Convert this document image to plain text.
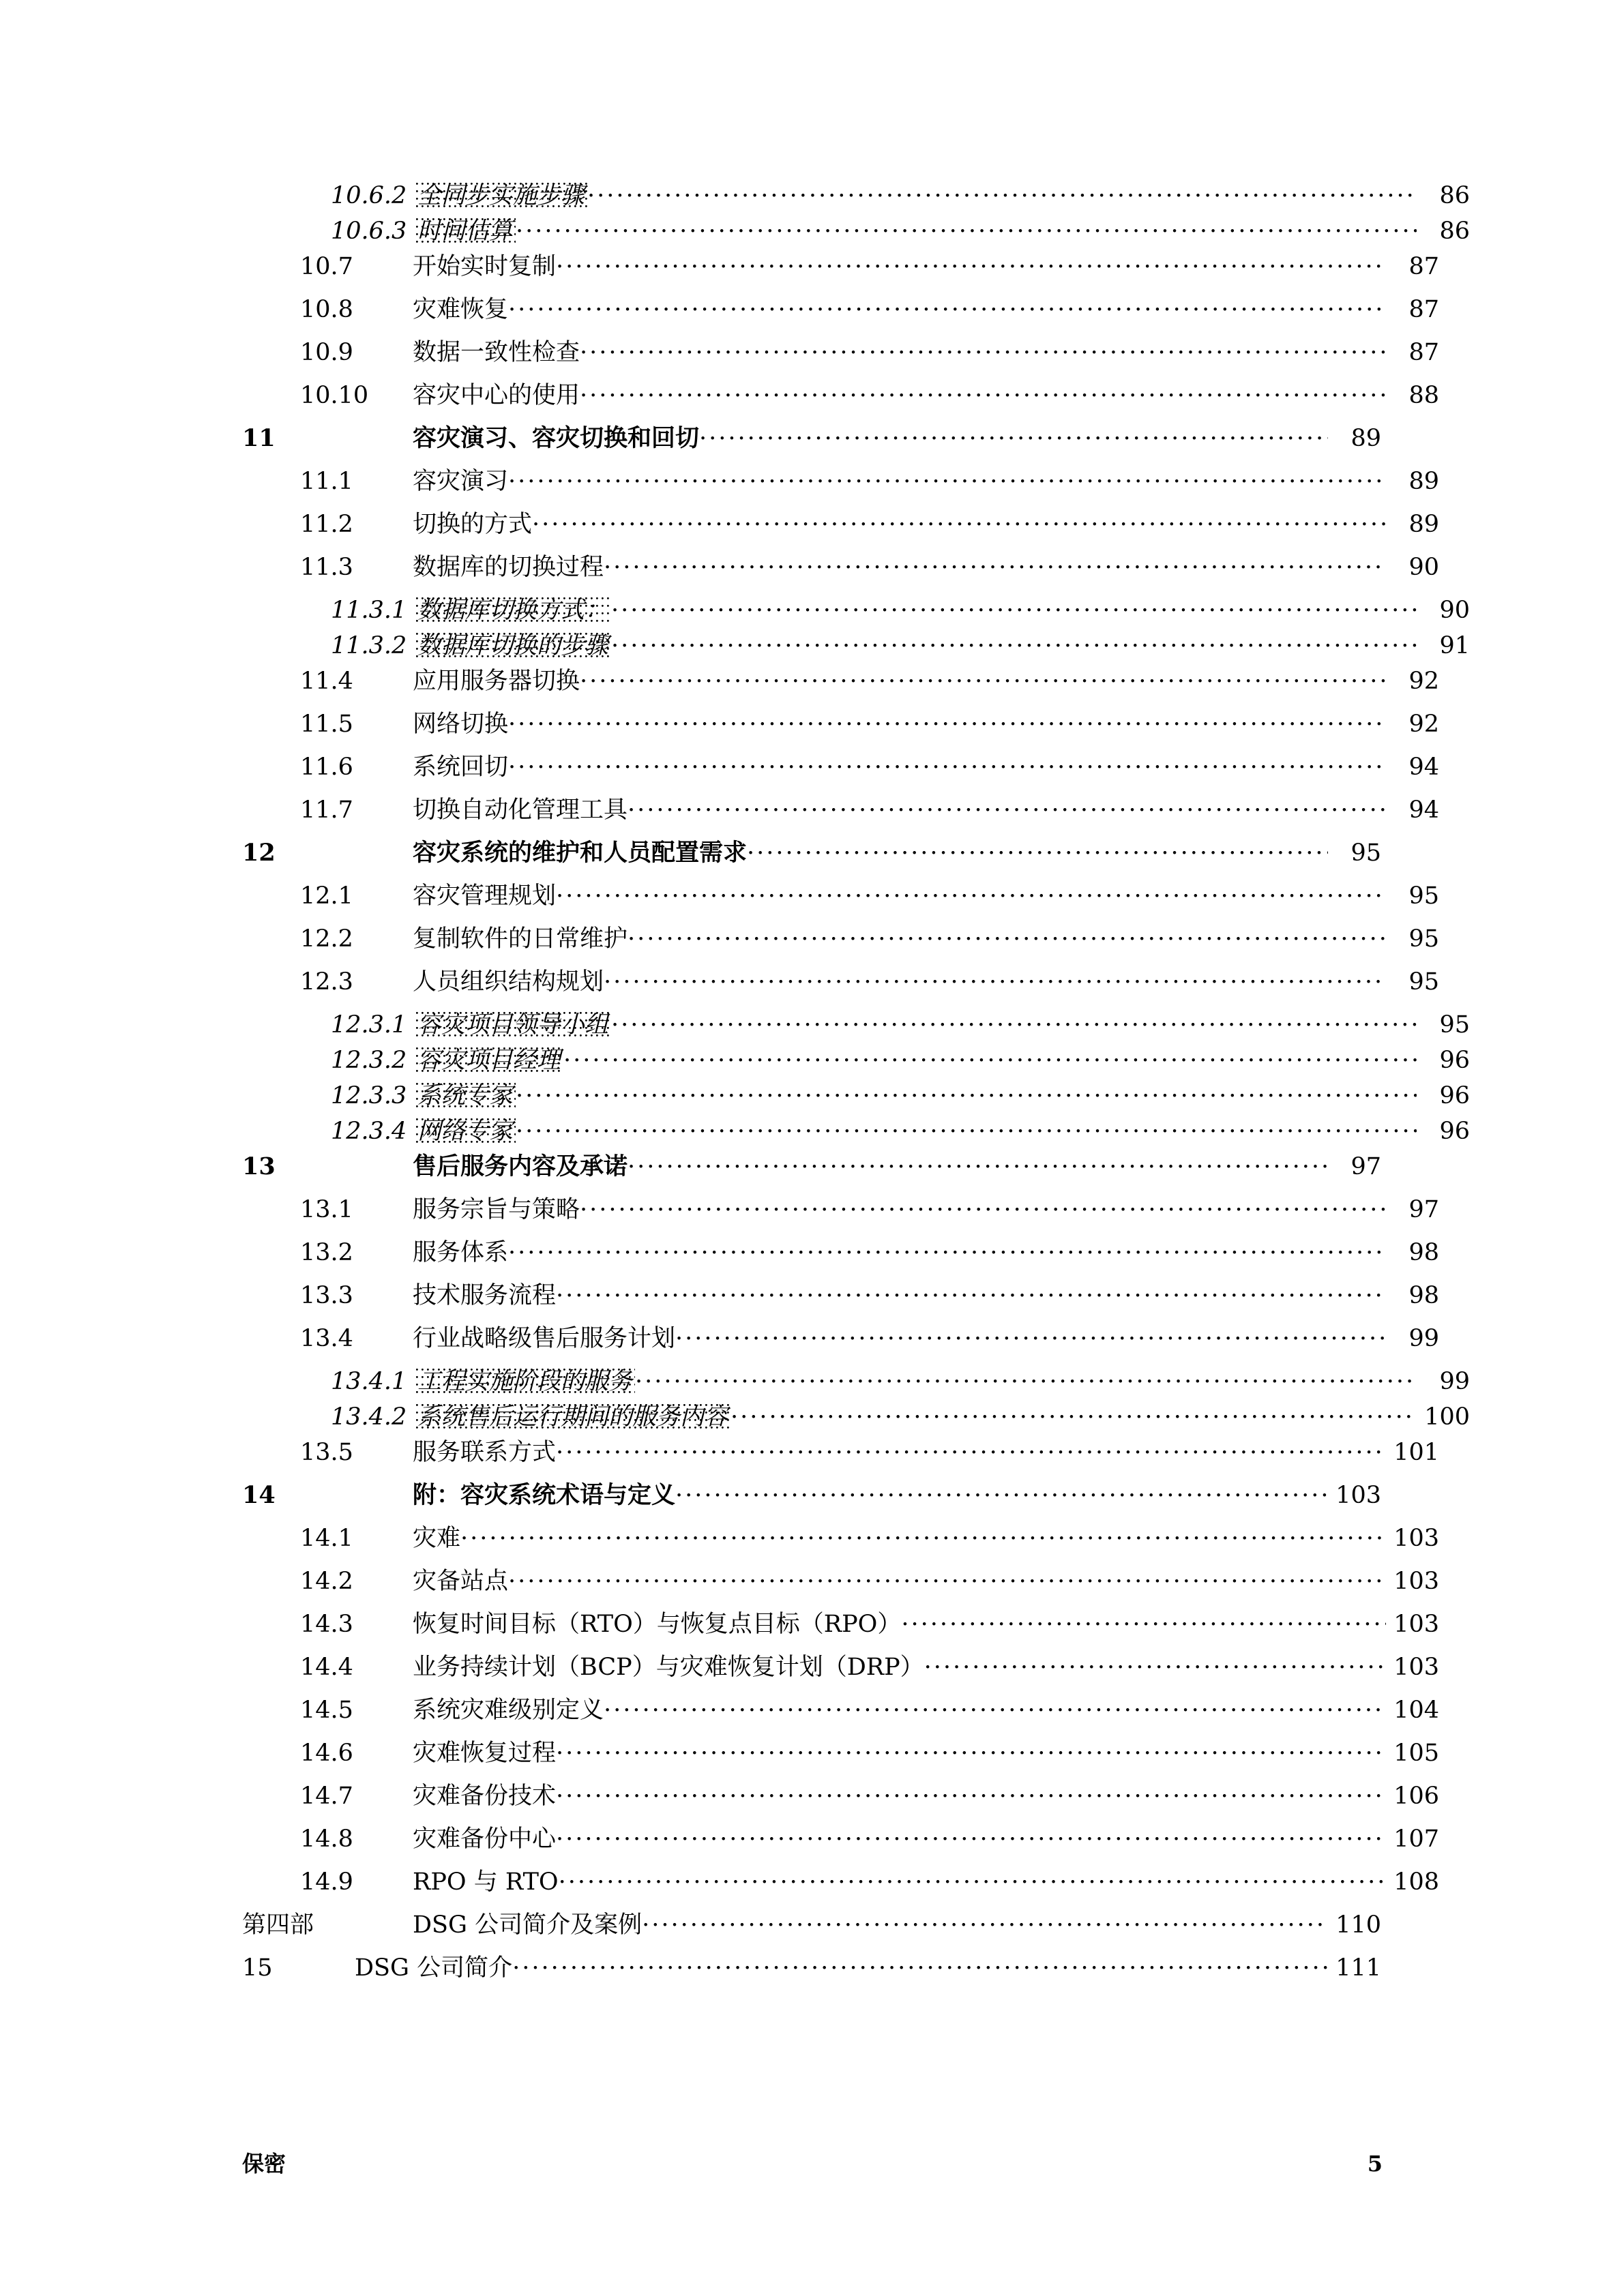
10.6.2 全同步实施步骤 .....	86
10.6.3 时间估算 .....	86
10.7	开始实时复制 .....	87
10.8	灾难恢复 .....	87
10.9	数据一致性检查 .....	87
10.10	容灾中心的使用 .....	88
11	容灾演习、容灾切换和回切 .....	89
11.1	容灾演习 .....	89
11.2	切换的方式 .....	89
11.3	数据库的切换过程 .....	90
11.3.1 数据库切换方式： .....	90
11.3.2 数据库切换的步骤 .....	91
11.4	应用服务器切换 .....	92
11.5	网络切换 .....	92
11.6	系统回切 .....	94
11.7	切换自动化管理工具 .....	94
12	容灾系统的维护和人员配置需求 .....	95
12.1	容灾管理规划 .....	95
12.2	复制软件的日常维护 .....	95
12.3	人员组织结构规划 .....	95
12.3.1 容灾项目领导小组 .....	95
12.3.2 容灾项目经理 .....	96
12.3.3 系统专家 .....	96
12.3.4 网络专家 .....	96
13	售后服务内容及承诺 .....	97
13.1	服务宗旨与策略 .....	97
13.2	服务体系 .....	98
13.3	技术服务流程 .....	98
13.4	行业战略级售后服务计划 .....	99
13.4.1 工程实施阶段的服务 .....	99
13.4.2 系统售后运行期间的服务内容 .....	100
13.5	服务联系方式 .....	101
14	附：容灾系统术语与定义 .....	103
14.1	灾难 .....	103
14.2	灾备站点 .....	103
14.3	恢复时间目标（RTO）与恢复点目标（RPO） .....	103
14.4	业务持续计划（BCP）与灾难恢复计划（DRP） .....	103
14.5	系统灾难级别定义 .....	104
14.6	灾难恢复过程 .....	105
14.7	灾难备份技术 .....	106
14.8	灾难备份中心 .....	107
14.9	RPO 与 RTO .....	108
第四部	DSG 公司简介及案例 .....	110
15	DSG 公司简介 .....	111
保密	5
